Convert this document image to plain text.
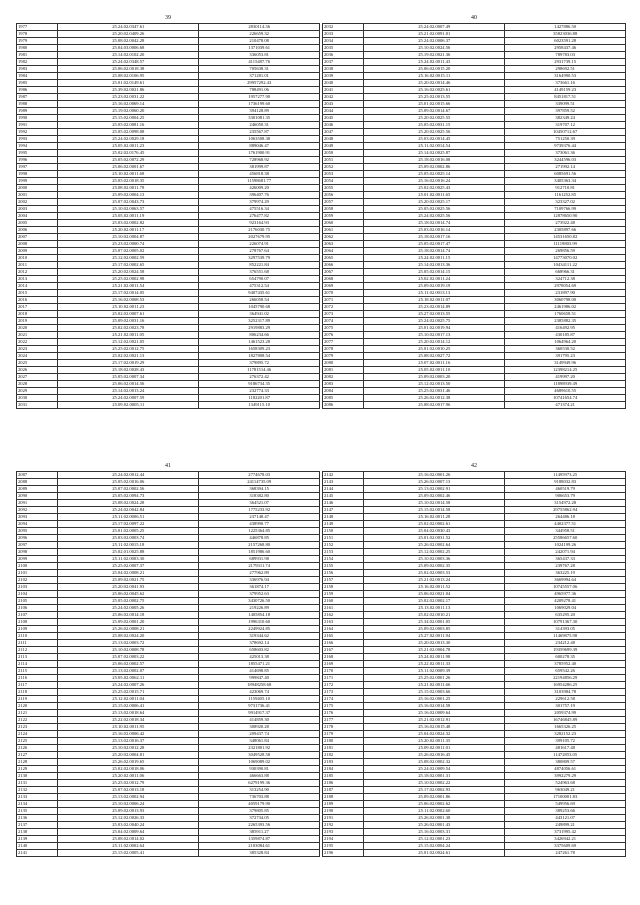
39
1977	25.24.02.0347.61	2830114.36
1978	25.20.02.0409.26	226659.32
1979	25.08.02.0042.28	210478.08
1980	25.04.03.0006.68	1371039.61
1981	25.14.02.0102.20	336053.81
1982	25.24.02.0348.57	4115487.76
1983	25.06.02.0018.38	705638.31
1984	25.08.02.0106.95	371281.01
1985	25.01.02.0149.61	29957292.43
1986	25.39.02.0021.86	788491.06
1987	25.23.02.0031.22	1957277.90
1988	25.16.02.0069.14	1736199.60
1989	25.19.02.0060.20	394128.89
1990	25.15.02.0004.25	3301081.35
1991	25.05.02.0081.16	246050.31
1992	25.05.02.0098.08	235567.87
1993	25.24.02.0029.18	1063508.38
1994	25.05.02.0011.23	889046.47
1995	25.02.02.0176.45	1761900.91
1996	25.05.02.0072.29	728968.92
1997	25.06.02.0001.67	381999.87
1998	25.10.02.0011.68	456818.38
1999	25.05.02.0018.35	11598681.77
2000	25.08.02.0011.78	426009.20
2001	25.09.02.0004.13	396407.76
2002	25.07.02.0043.73	379974.29
2003	25.10.02.0063.57	475516.34
2004	25.05.02.0011.19	276477.82
2005	25.03.02.0002.82	923164.93
2006	25.20.02.0011.17	2176030.75
2007	25.10.02.0004.87	2027679.95
2008	25.23.02.0000.74	226074.91
2009	25.07.02.0005.02	278767.64
2010	25.12.02.0002.59	3297539.79
2011	25.17.02.0002.65	852221.84
2012	25.20.02.0024.58	376551.68
2013	25.25.02.0002.98	654790.07
2014	25.21.02.0011.54	475312.54
2015	25.17.02.0014.05	9407435.61
2016	25.16.02.0008.53	266058.54
2017	25.10.02.0011.23	1045790.68
2018	25.02.02.0007.61	364941.02
2019	25.09.02.0031.16	3252317.89
2020	25.02.02.0023.78	2919883.29
2021	25.21.02.0011.05	806234.66
2022	25.12.02.0021.05	1461523.28
2023	25.25.02.0012.75	1658309.23
2024	25.02.02.0021.13	1827808.54
2025	25.17.02.0019.29	379895.72
2026	25.18.02.0028.43	11781514.46
2027	25.05.02.0007.34	276372.42
2028	25.06.02.0014.56	9186734.35
2029	25.14.02.0013.24	232774.33
2030	25.24.02.0007.59	1182201.87
2031	25.09.02.0005.11	1349115.10
40
2032	25.24.02.0007.49	1427886.50
2033	25.21.02.0091.01	35823036.88
2034	25.24.02.0006.37	6023591.28
2035	25.10.02.0024.56	2958437.46
2036	25.19.02.0021.36	789783.03
2037	25.24.02.0011.43	2931739.15
2038	25.06.02.0015.20	298692.51
2039	25.16.02.0015.11	3164990.53
2040	25.20.02.0014.46	373661.16
2041	25.16.02.0025.61	4149159.23
2042	25.25.02.0013.55	8451817.51
2043	25.01.02.0015.66	339099.51
2044	25.09.02.0014.67	397859.52
2045	25.20.02.0025.55	382349.24
2046	25.05.02.0031.15	319707.12
2047	25.20.02.0025.56	10450712.67
2048	25.03.02.0014.45	751250.39
2049	25.11.02.0014.54	9739376.44
2050	25.14.02.0025.87	373061.36
2051	25.18.02.0016.08	3244596.03
2052	25.09.02.0002.86	271992.14
2053	25.05.02.0025.14	6085691.56
2054	25.16.02.0016.24	3405363.34
2055	25.02.02.0025.43	912710.81
2056	25.01.02.0011.65	1161252.85
2057	25.20.02.0025.17	323327.02
2058	25.05.02.0025.56	7109766.99
2059	25.24.02.0025.56	12878650.90
2060	25.18.02.0014.74	273922.48
2061	25.03.02.0016.14	2305897.66
2062	25.18.02.0017.16	14531650.82
2063	25.05.02.0017.47	11119803.99
2064	25.18.02.0014.74	269856.59
2065	25.24.02.0011.15	14773070.02
2066	25.14.02.0013.36	10434111.22
2067	25.05.02.0014.15	668966.31
2068	25.02.02.0011.24	324712.38
2069	25.09.02.0019.19	2978054.69
2070	25.11.02.0013.13	231897.90
2071	25.18.02.0011.07	3060798.00
2072	25.23.02.0014.89	2461986.02
2073	25.27.02.0013.55	1760658.51
2074	25.24.02.0025.75	2385882.35
2075	25.01.02.0019.94	416492.95
2076	25.10.02.0017.13	430185.87
2077	25.20.02.0014.12	1064964.20
2078	25.01.02.0010.25	360530.52
2079	25.08.02.0027.72	391795.23
2080	25.07.02.0011.16	3149949.96
2081	25.05.02.0011.10	12398214.25
2082	25.09.02.0003.20	419997.20
2083	25.12.02.0013.50	11898939.49
2084	25.25.02.0031.46	4689610.55
2085	25.26.02.0012.38	10741654.74
2086	25.08.02.0017.96	471374.21
41
2087	25.24.02.0012.44	2774678.03
2088	25.05.02.0016.06	24114735.09
2089	25.07.02.0002.56	368394.15
2090	25.05.02.0094.73	318382.80
2091	25.08.02.0024.28	364521.07
2092	25.24.02.0042.84	1775233.92
2093	25.11.02.0006.51	237148.47
2094	25.17.02.0097.22	438990.77
2095	25.01.02.0005.25	1225364.85
2096	25.03.02.0003.74	446878.85
2097	25.11.02.0015.18	2157268.80
2098	25.02.01.0025.88	1851986.60
2099	25.11.02.0003.30	689931.98
2100	25.25.02.0007.37	2179311.74
2101	25.04.02.0008.21	277962.89
2102	25.09.02.0021.75	336976.94
2103	25.20.02.0041.93	361874.17
2104	25.06.02.0045.62	379952.63
2105	25.05.02.0002.75	3430726.50
2106	25.24.02.0005.26	219226.89
2107	25.06.02.0014.18	1405854.18
2108	25.09.02.0001.20	1996310.60
2109	25.26.02.0008.21	2249924.85
2110	25.08.02.0024.20	319344.62
2111	25.13.02.0003.72	378692.14
2112	25.10.02.0008.78	658603.82
2113	25.07.02.0003.22	425013.38
2114	25.06.02.0002.57	1855471.21
2115	25.13.02.0002.07	414698.85
2116	25.05.02.0062.11	999847.40
2117	25.24.02.0007.26	18948258.68
2118	25.25.02.0015.71	423069.74
2119	25.12.02.0011.04	1159405.10
2120	25.15.02.0006.41	9731736.41
2121	25.13.02.0018.64	9914917.37
2122	25.22.02.0018.34	414859.30
2123	25.10.02.0011.95	308920.28
2124	25.16.02.0006.42	209437.74
2125	25.13.02.0016.37	348061.84
2126	25.10.02.0012.28	2321801.92
2127	25.20.02.0004.81	3049528.58
2128	25.26.02.0019.65	1069089.02
2129	25.02.02.0018.06	930390.81
2130	25.20.02.0011.06	466663.88
2131	25.25.02.0012.79	6279199.36
2132	25.07.02.0013.18	313254.90
2133	25.13.02.0002.94	736703.88
2134	25.10.02.0006.24	4059179.90
2135	25.09.02.0013.93	379805.85
2136	25.12.02.0026.33	372734.05
2137	25.03.02.0040.24	2265393.56
2138	25.04.02.0009.64	385911.27
2139	25.08.02.0014.02	1359874.87
2140	25.11.02.0002.64	2103084.61
2141	25.15.02.0005.41	385328.84
42
2142	25.16.02.0001.26	11495973.25
2143	25.26.02.0007.13	9188032.83
2144	25.13.02.0002.91	460519.79
2145	25.09.02.0002.46	906653.79
2146	25.10.02.0014.58	3154972.28
2147	25.15.02.0014.58	29755862.94
2148	25.16.02.0011.28	264486.18
2149	25.02.02.0002.61	4402377.51
2150	25.04.02.0030.43	344958.51
2151	25.01.02.0031.52	25586657.60
2152	25.26.02.0002.64	1024199.26
2153	25.12.02.0002.25	242071.94
2154	25.10.02.0003.36	365437.33
2155	25.09.02.0002.35	239767.28
2156	25.02.02.0003.53	363225.19
2157	25.21.02.0013.24	3669994.64
2158	25.16.02.0011.52	10745557.06
2159	25.06.02.0021.04	4965977.36
2160	25.02.02.0002.17	4209278.41
2161	25.13.02.0011.13	1069029.04
2162	25.02.02.0010.21	635295.20
2163	25.34.02.0001.05	10791367.30
2164	25.09.02.0003.85	314393.05
2165	25.27.02.0011.94	11469875.98
2166	25.20.02.0013.30	234212.48
2167	25.21.02.0004.78	19359699.39
2168	25.24.02.0011.98	600278.35
2169	25.22.02.0011.33	3785952.40
2170	25.11.02.0009.39	659542.26
2171	25.25.02.0001.26	22194856.29
2172	25.21.02.0011.66	16954286.25
2173	25.15.02.0003.66	3103984.78
2174	25.16.02.0001.25	229612.58
2175	25.16.02.0014.58	301757.19
2176	25.16.02.0009.64	2059374.99
2177	25.21.02.0012.91	16746845.89
2178	25.16.02.0015.48	1665326.25
2179	25.04.02.0024.32	3282152.23
2180	25.20.02.0011.35	399105.72
2181	25.09.02.0011.01	481617.48
2182	25.26.02.0016.45	11472853.05
2183	25.08.02.0002.32	380809.57
2184	25.24.02.0009.54	4874056.61
2185	25.18.02.0001.31	3992279.29
2186	25.10.02.0002.22	524963.68
2187	25.17.02.0002.93	963049.21
2188	25.09.02.0001.86	17100001.83
2189	25.06.02.0002.62	549956.69
2190	25.11.02.0002.60	389253.66
2191	25.26.02.0001.38	443121.07
2192	25.26.02.0001.43	249899.21
2193	25.16.02.0003.31	3731995.42
2194	25.12.02.0001.23	3426942.21
2195	25.15.02.0004.24	3375609.69
2196	25.01.02.0024.61	247261.78
